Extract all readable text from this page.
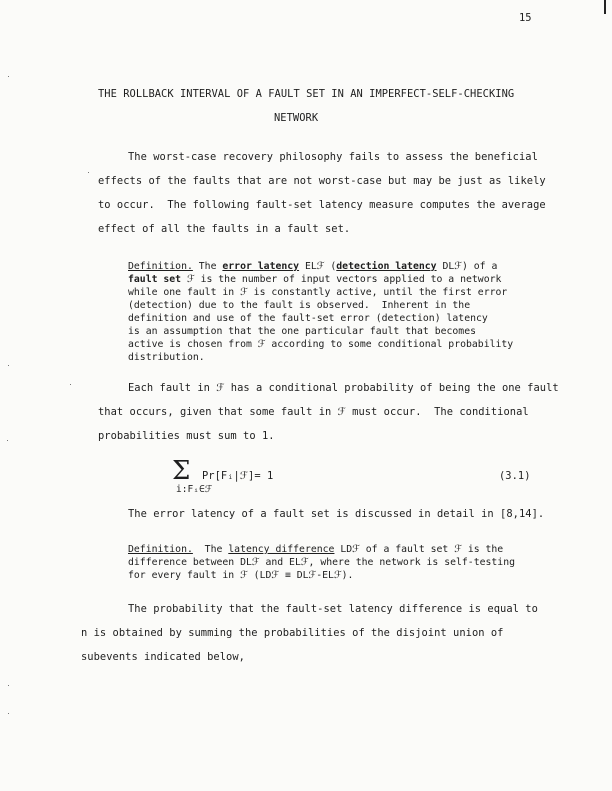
15
THE ROLLBACK INTERVAL OF A FAULT SET IN AN IMPERFECT-SELF-CHECKING
NETWORK
The worst-case recovery philosophy fails to assess the beneficial
effects of the faults that are not worst-case but may be just as likely
to occur.  The following fault-set latency measure computes the average
effect of all the faults in a fault set.
Definition. The error latency ELℱ (detection latency DLℱ) of a
fault set ℱ is the number of input vectors applied to a network
while one fault in ℱ is constantly active, until the first error
(detection) due to the fault is observed.  Inherent in the
definition and use of the fault-set error (detection) latency
is an assumption that the one particular fault that becomes
active is chosen from ℱ according to some conditional probability
distribution.
Each fault in ℱ has a conditional probability of being the one fault
that occurs, given that some fault in ℱ must occur.  The conditional
probabilities must sum to 1.
Σ Pr[Fᵢ|ℱ]= 1
i:Fᵢ∈ℱ
(3.1)
The error latency of a fault set is discussed in detail in [8,14].
Definition.  The latency difference LDℱ of a fault set ℱ is the
difference between DLℱ and ELℱ, where the network is self-testing
for every fault in ℱ (LDℱ ≡ DLℱ-ELℱ).
The probability that the fault-set latency difference is equal to
n is obtained by summing the probabilities of the disjoint union of
subevents indicated below,
